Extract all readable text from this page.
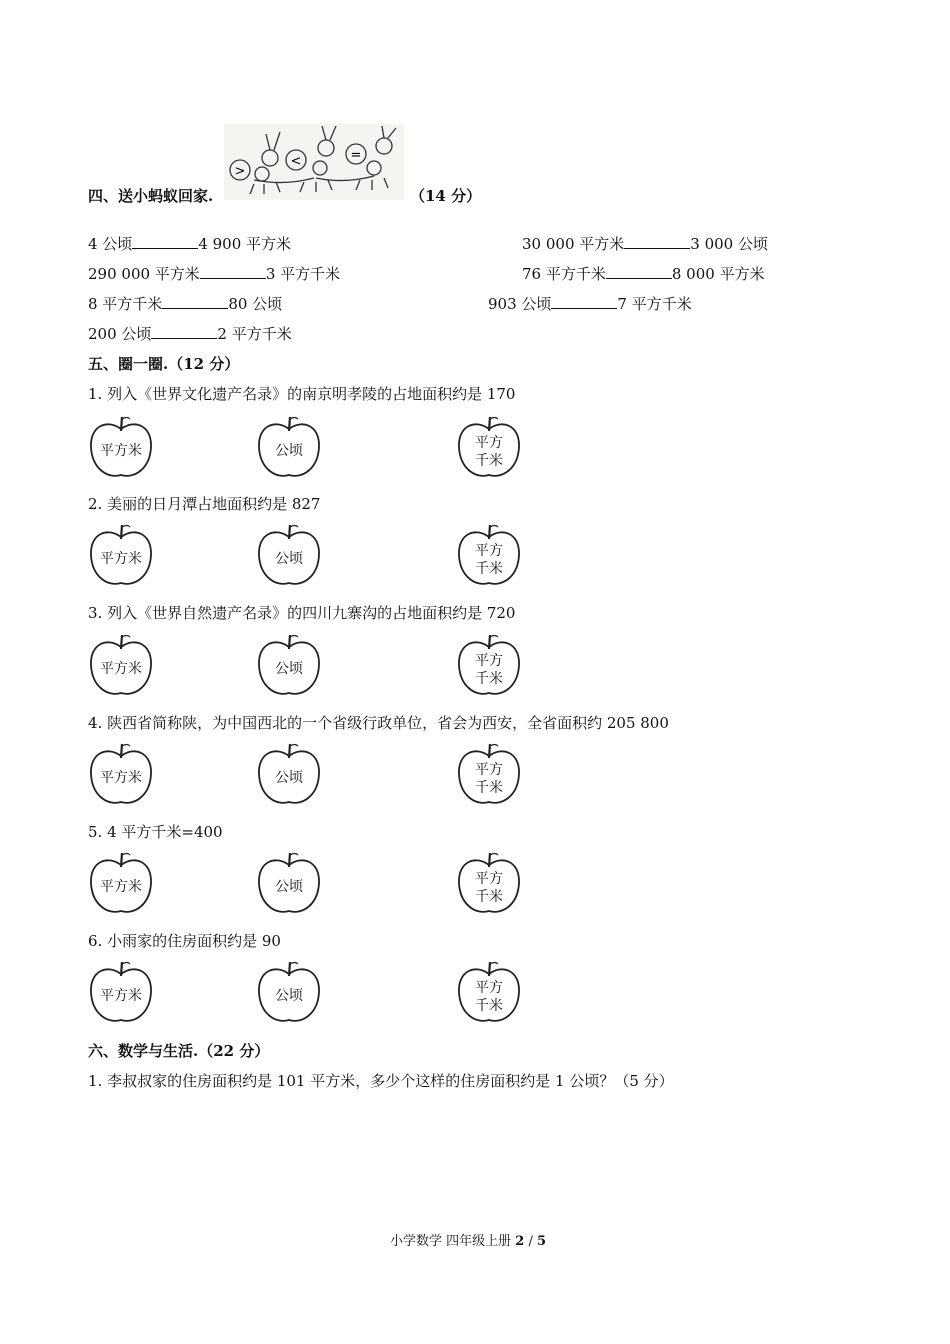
四、送小蚂蚁回家.
>
<	=
（14 分）
4 公顷	4 900 平方米	30 000 平方米	3 000 公顷
290 000 平方米	3 平方千米	76 平方千米	8 000 平方米
8 平方千米	80 公顷	903 公顷	7 平方千米
200 公顷	2 平方千米
五、圈一圈.（12 分）
1. 列入《世界文化遗产名录》的南京明孝陵的占地面积约是 170
2. 美丽的日月潭占地面积约是 827
3. 列入《世界自然遗产名录》的四川九寨沟的占地面积约是 720
4. 陕西省简称陕，为中国西北的一个省级行政单位，省会为西安，全省面积约 205 800
5. 4 平方千米=400
6. 小雨家的住房面积约是 90
平方米	公顷	平方
千米
平方米	公顷	平方
千米
平方米	公顷	平方
千米
平方米	公顷	平方
千米
平方米	公顷	平方
千米
平方米	公顷	平方
千米
六、数学与生活.（22 分）
1. 李叔叔家的住房面积约是 101 平方米，多少个这样的住房面积约是 1 公顷？（5 分）
小学数学 四年级上册 2 / 5
